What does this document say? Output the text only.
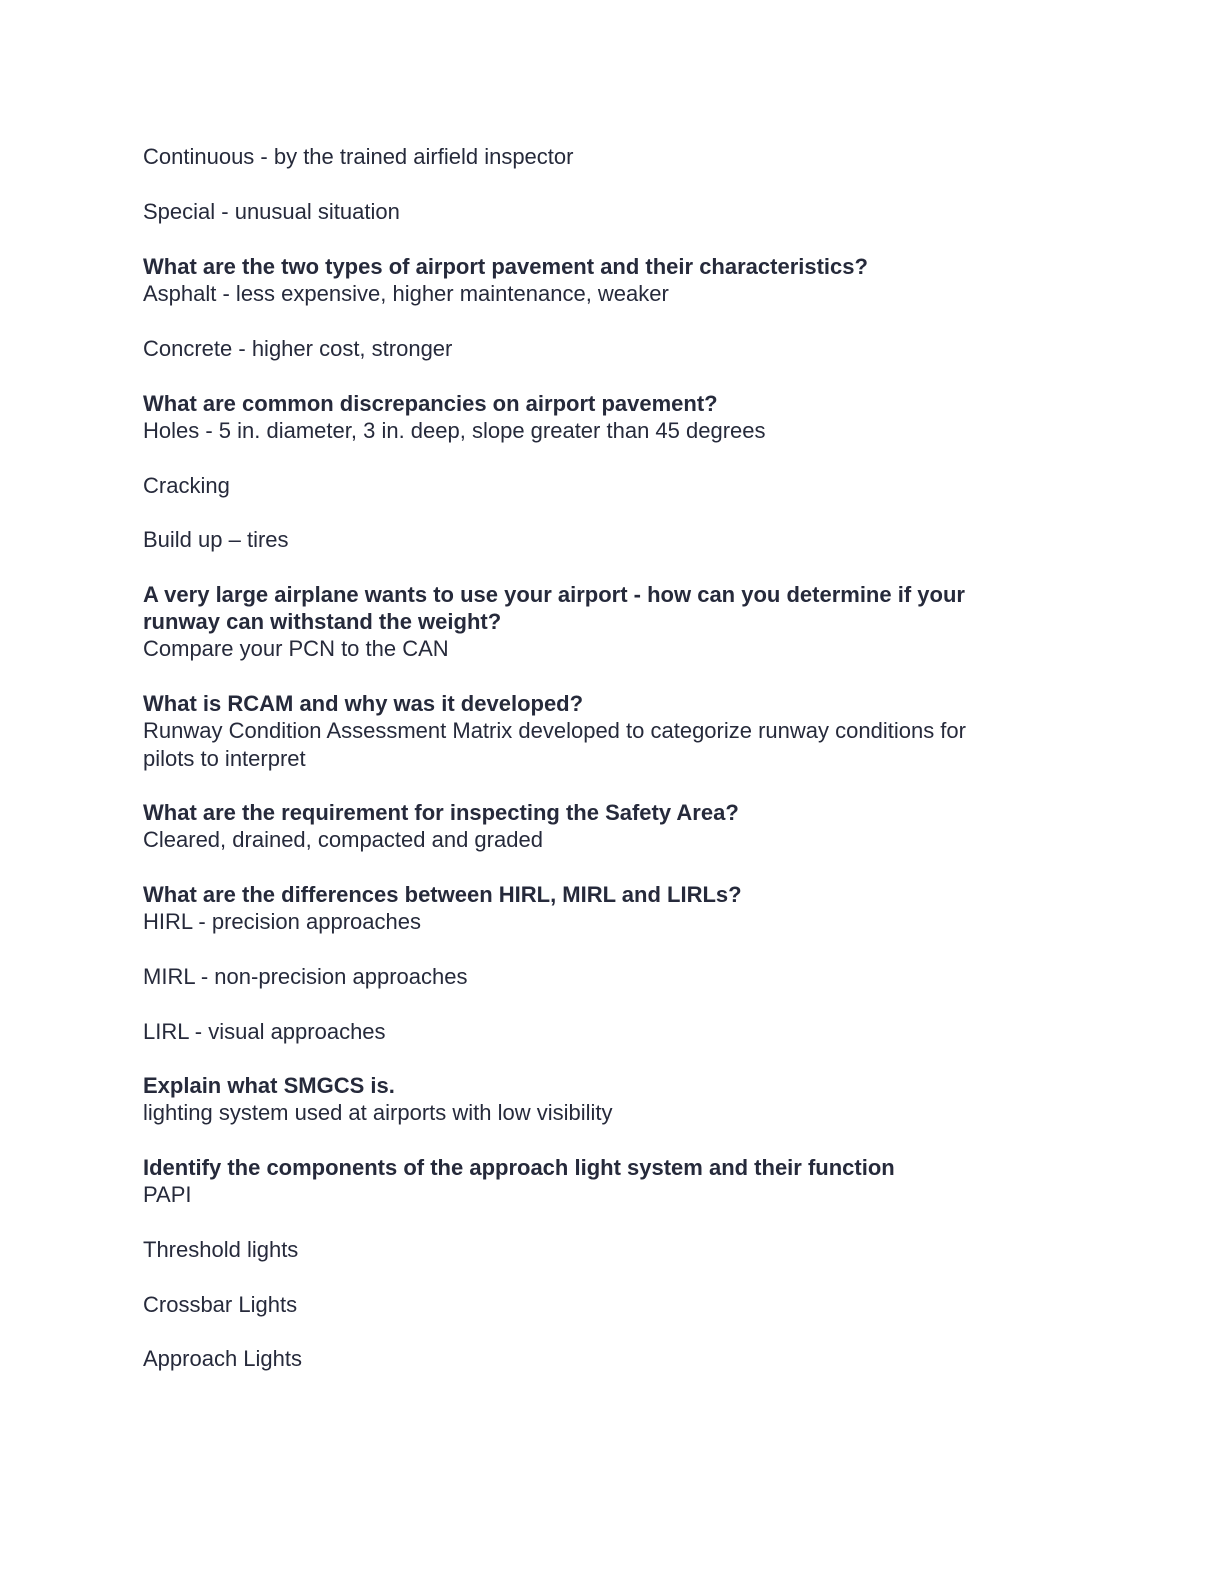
Continuous - by the trained airfield inspector
Special - unusual situation
What are the two types of airport pavement and their characteristics?
Asphalt - less expensive, higher maintenance, weaker
Concrete - higher cost, stronger
What are common discrepancies on airport pavement?
Holes - 5 in. diameter, 3 in. deep, slope greater than 45 degrees
Cracking
Build up – tires
A very large airplane wants to use your airport - how can you determine if your
runway can withstand the weight?
Compare your PCN to the CAN
What is RCAM and why was it developed?
Runway Condition Assessment Matrix developed to categorize runway conditions for
pilots to interpret
What are the requirement for inspecting the Safety Area?
Cleared, drained, compacted and graded
What are the differences between HIRL, MIRL and LIRLs?
HIRL - precision approaches
MIRL - non-precision approaches
LIRL - visual approaches
Explain what SMGCS is.
lighting system used at airports with low visibility
Identify the components of the approach light system and their function
PAPI
Threshold lights
Crossbar Lights
Approach Lights
